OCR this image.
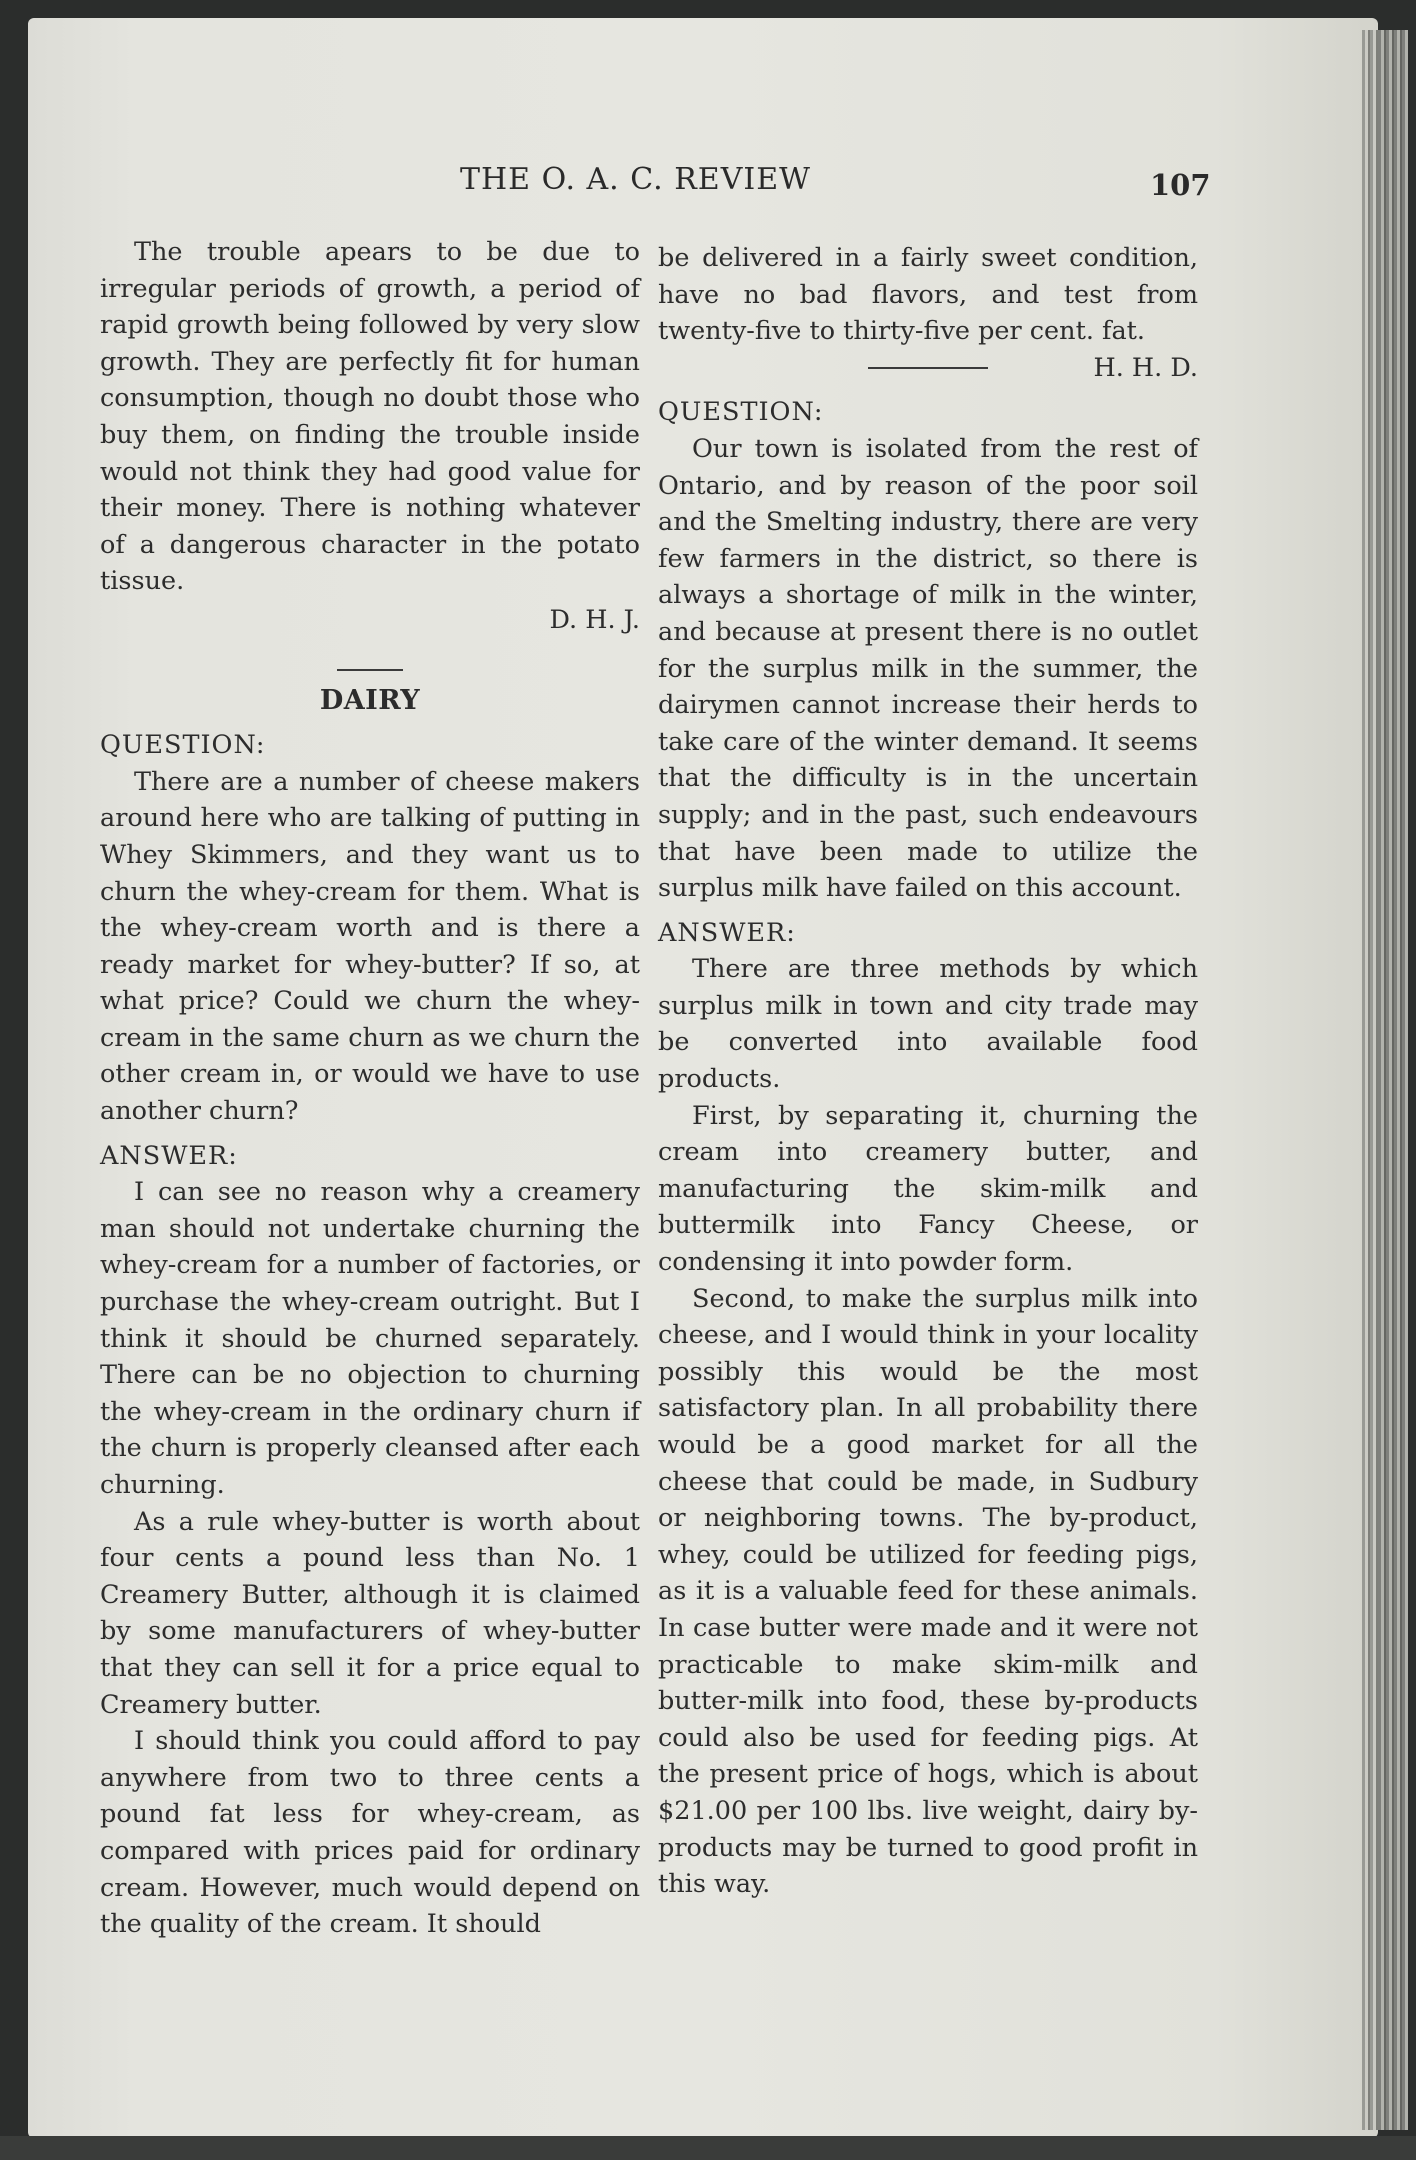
THE O. A. C. REVIEW	107

The trouble apears to be due to irregular periods of growth, a period of rapid growth being followed by very slow growth. They are perfectly fit for human consumption, though no doubt those who buy them, on finding the trouble inside would not think they had good value for their money. There is nothing whatever of a dangerous character in the potato tissue.

D. H. J.
DAIRY
QUESTION:

There are a number of cheese makers around here who are talking of putting in Whey Skimmers, and they want us to churn the whey-cream for them. What is the whey-cream worth and is there a ready market for whey-butter? If so, at what price? Could we churn the whey-cream in the same churn as we churn the other cream in, or would we have to use another churn?

ANSWER:

I can see no reason why a creamery man should not undertake churning the whey-cream for a number of factories, or purchase the whey-cream outright. But I think it should be churned separately. There can be no objection to churning the whey-cream in the ordinary churn if the churn is properly cleansed after each churning.

As a rule whey-butter is worth about four cents a pound less than No. 1 Creamery Butter, although it is claimed by some manufacturers of whey-butter that they can sell it for a price equal to Creamery butter.

I should think you could afford to pay anywhere from two to three cents a pound fat less for whey-cream, as compared with prices paid for ordinary cream. However, much would depend on the quality of the cream. It should

be delivered in a fairly sweet condition, have no bad flavors, and test from twenty-five to thirty-five per cent. fat.

H. H. D.
QUESTION:

Our town is isolated from the rest of Ontario, and by reason of the poor soil and the Smelting industry, there are very few farmers in the district, so there is always a shortage of milk in the winter, and because at present there is no outlet for the surplus milk in the summer, the dairymen cannot increase their herds to take care of the winter demand. It seems that the difficulty is in the uncertain supply; and in the past, such endeavours that have been made to utilize the surplus milk have failed on this account.

ANSWER:

There are three methods by which surplus milk in town and city trade may be converted into available food products.

First, by separating it, churning the cream into creamery butter, and manufacturing the skim-milk and buttermilk into Fancy Cheese, or condensing it into powder form.

Second, to make the surplus milk into cheese, and I would think in your locality possibly this would be the most satisfactory plan. In all probability there would be a good market for all the cheese that could be made, in Sudbury or neighboring towns. The by-product, whey, could be utilized for feeding pigs, as it is a valuable feed for these animals. In case butter were made and it were not practicable to make skim-milk and butter-milk into food, these by-products could also be used for feeding pigs. At the present price of hogs, which is about $21.00 per 100 lbs. live weight, dairy by-products may be turned to good profit in this way.
